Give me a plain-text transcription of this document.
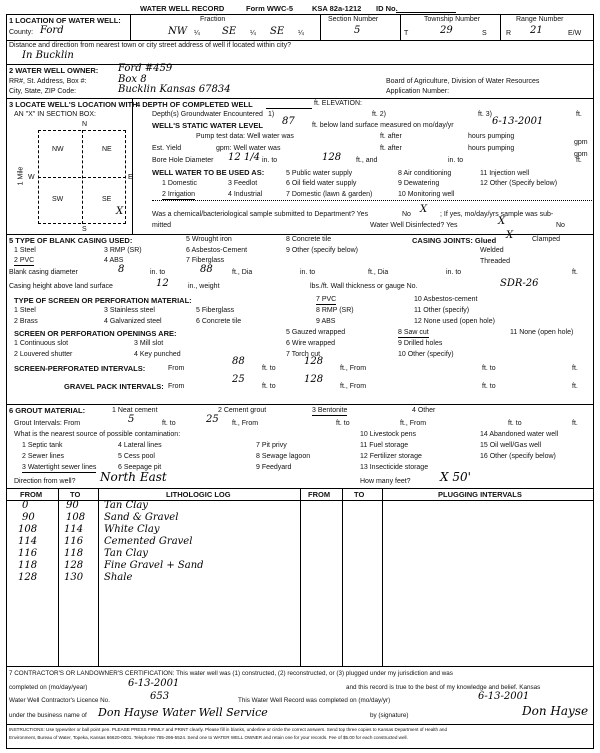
WATER WELL RECORD	Form WWC-5	KSA 82a-1212 ID No.
1 LOCATION OF WATER WELL:
County: Ford
Fraction
NW ¼ SE ¼ SE ¼
Section Number
5
Township Number
T	29	S
Range Number
R 21	E/W
Distance and direction from nearest town or city street address of well if located within city?
In Bucklin
2 WATER WELL OWNER: Ford #459
RR#, St. Address, Box #:	Box 8
City, State, ZIP Code:	Bucklin Kansas 67834
Board of Agriculture, Division of Water Resources
Application Number:
3 LOCATE WELL'S LOCATION WITH
AN "X" IN SECTION BOX:
N
S
W	E
1 Mile
NW	NE
SW	SE
X
4 DEPTH OF COMPLETED WELL	ft. ELEVATION:
Depth(s) Groundwater Encountered 1)	ft. 2)	ft. 3)	ft.
WELL'S STATIC WATER LEVEL 87 ft. below land surface measured on mo/day/yr	6-13-2001
Pump test data: Well water was	ft. after	hours pumping
gpm
Est. Yield	gpm: Well water was	ft. after	hours pumping
gpm
Bore Hole Diameter 12 1/4 in. to	128 ft., and	in. to	ft.
WELL WATER TO BE USED AS:
1 Domestic
2 Irrigation
3 Feedlot
4 Industrial
5 Public water supply
6 Oil field water supply
7 Domestic (lawn & garden)
8 Air conditioning
9 Dewatering
10 Monitoring well
11 Injection well
12 Other (Specify below)
Was a chemical/bacteriological sample submitted to Department? Yes	No X ; If yes, mo/day/yrs sample was sub-
mitted	Water Well Disinfected? Yes	X	No
5 TYPE OF BLANK CASING USED:
1 Steel
2 PVC
3 RMP (SR)
4 ABS
5 Wrought iron
6 Asbestos-Cement
7 Fiberglass
8 Concrete tile
9 Other (specify below)
CASING JOINTS: Glued X	Clamped
Welded
Threaded
Blank casing diameter	8	in. to	88	ft., Dia	in. to	ft., Dia	in. to	ft.
Casing height above land surface	12	in., weight	lbs./ft. Wall thickness or gauge No.	SDR-26
TYPE OF SCREEN OR PERFORATION MATERIAL:
1 Steel
2 Brass
3 Stainless steel
4 Galvanized steel
5 Fiberglass
6 Concrete tile
7 PVC
8 RMP (SR)
9 ABS
10 Asbestos-cement
11 Other (specify)
12 None used (open hole)
SCREEN OR PERFORATION OPENINGS ARE:
1 Continuous slot
2 Louvered shutter
3 Mill slot
4 Key punched
5 Gauzed wrapped
6 Wire wrapped
7 Torch cut
8 Saw cut
9 Drilled holes
10 Other (specify)
11 None (open hole)
SCREEN-PERFORATED INTERVALS:	From
88
ft. to
128
ft., From	ft. to	ft.
GRAVEL PACK INTERVALS: From
25
ft. to
128
ft., From	ft. to	ft.
6 GROUT MATERIAL:	1 Neat cement	2 Cement grout	3 Bentonite	4 Other
Grout Intervals: From	5	ft. to	25 ft., From	ft. to	ft., From	ft. to	ft.
What is the nearest source of possible contamination:
1 Septic tank
2 Sewer lines
3 Watertight sewer lines
4 Lateral lines
5 Cess pool
6 Seepage pit
7 Pit privy
8 Sewage lagoon
9 Feedyard
10 Livestock pens
11 Fuel storage
12 Fertilizer storage
13 Insecticide storage
14 Abandoned water well
15 Oil well/Gas well
16 Other (specify below)
Direction from well? North East	How many feet? X 50'
FROM	TO	LITHOLOGIC LOG	FROM	TO	PLUGGING INTERVALS
0	90	Tan Clay
90	108 Sand & Gravel
108	114 White Clay
114	116 Cemented Gravel
116	118 Tan Clay
118	128 Fine Gravel + Sand
128	130 Shale
7 CONTRACTOR'S OR LANDOWNER'S CERTIFICATION: This water well was (1) constructed, (2) reconstructed, or (3) plugged under my jurisdiction and was
completed on (mo/day/year)	6-13-2001	and this record is true to the best of my knowledge and belief. Kansas
Water Well Contractor's Licence No.	653	This Water Well Record was completed on (mo/day/yr)	6-13-2001
under the business name of Don Hayse Water Well Service	by (signature)	Don Hayse
INSTRUCTIONS: Use typewriter or ball point pen. PLEASE PRESS FIRMLY and PRINT clearly. Please fill in blanks, underline or circle the correct answers. Send top three copies to Kansas Department of Health and
Environment, Bureau of Water, Topeka, Kansas 66620-0001. Telephone 785-296-5524. Send one to WATER WELL OWNER and retain one for your records. Fee of $5.00 for each constructed well.
